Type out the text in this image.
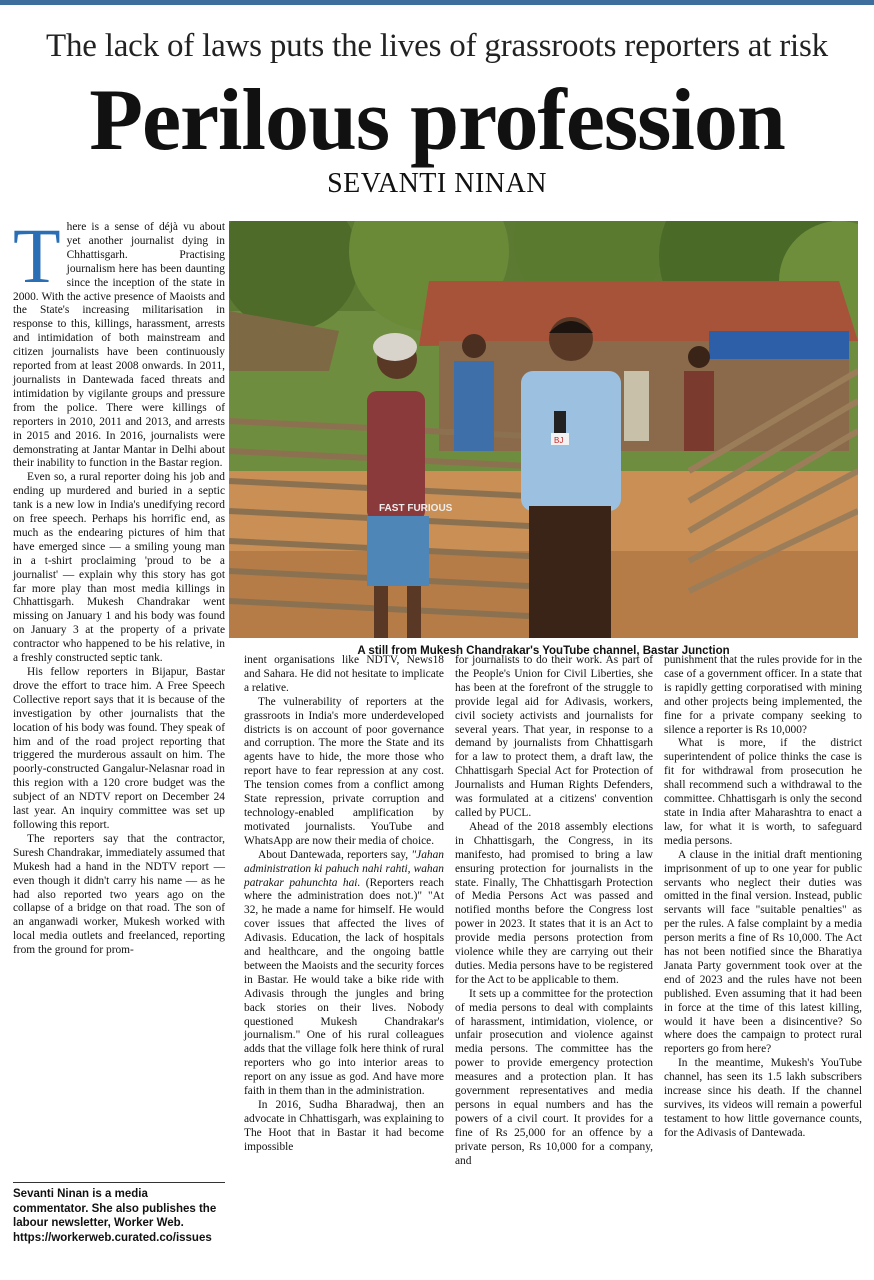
The lack of laws puts the lives of grassroots reporters at risk
Perilous profession
SEVANTI NINAN

There is a sense of déjà vu about yet another journalist dying in Chhattisgarh. Practising journalism here has been daunting since the inception of the state in 2000. With the active presence of Maoists and the State's increasing militarisation in response to this, killings, harassment, arrests and intimidation of both mainstream and citizen journalists have been continuously reported from at least 2008 onwards. In 2011, journalists in Dantewada faced threats and intimidation by vigilante groups and pressure from the police. There were killings of reporters in 2010, 2011 and 2013, and arrests in 2015 and 2016. In 2016, journalists were demonstrating at Jantar Mantar in Delhi about their inability to function in the Bastar region.

Even so, a rural reporter doing his job and ending up murdered and buried in a septic tank is a new low in India's unedifying record on free speech. Perhaps his horrific end, as much as the endearing pictures of him that have emerged since — a smiling young man in a t-shirt proclaiming 'proud to be a journalist' — explain why this story has got far more play than most media killings in Chhattisgarh. Mukesh Chandrakar went missing on January 1 and his body was found on January 3 at the property of a private contractor who happened to be his relative, in a freshly constructed septic tank.

His fellow reporters in Bijapur, Bastar drove the effort to trace him. A Free Speech Collective report says that it is because of the investigation by other journalists that the location of his body was found. They speak of him and of the road project reporting that triggered the murderous assault on him. The poorly-constructed Gangalur-Nelasnar road in this region with a 120 crore budget was the subject of an NDTV report on December 24 last year. An inquiry committee was set up following this report.

The reporters say that the contractor, Suresh Chandrakar, immediately assumed that Mukesh had a hand in the NDTV report — even though it didn't carry his name — as he had also reported two years ago on the collapse of a bridge on that road. The son of an anganwadi worker, Mukesh worked with local media outlets and freelanced, reporting from the ground for prom-

FAST FURIOUS
BJ
A still from Mukesh Chandrakar's YouTube channel, Bastar Junction

inent organisations like NDTV, News18 and Sahara. He did not hesitate to implicate a relative.

The vulnerability of reporters at the grassroots in India's more underdeveloped districts is on account of poor governance and corruption. The more the State and its agents have to hide, the more those who report have to fear repression at any cost. The tension comes from a conflict among State repression, private corruption and technology-enabled amplification by motivated journalists. YouTube and WhatsApp are now their media of choice.

About Dantewada, reporters say, "Jahan administration ki pahuch nahi rahti, wahan patrakar pahunchta hai. (Reporters reach where the administration does not.)" "At 32, he made a name for himself. He would cover issues that affected the lives of Adivasis. Education, the lack of hospitals and healthcare, and the ongoing battle between the Maoists and the security forces in Bastar. He would take a bike ride with Adivasis through the jungles and bring back stories on their lives. Nobody questioned Mukesh Chandrakar's journalism." One of his rural colleagues adds that the village folk here think of rural reporters who go into interior areas to report on any issue as god. And have more faith in them than in the administration.

In 2016, Sudha Bharadwaj, then an advocate in Chhattisgarh, was explaining to The Hoot that in Bastar it had become impossible

for journalists to do their work. As part of the People's Union for Civil Liberties, she has been at the forefront of the struggle to provide legal aid for Adivasis, workers, civil society activists and journalists for several years. That year, in response to a demand by journalists from Chhattisgarh for a law to protect them, a draft law, the Chhattisgarh Special Act for Protection of Journalists and Human Rights Defenders, was formulated at a citizens' convention called by PUCL.

Ahead of the 2018 assembly elections in Chhattisgarh, the Congress, in its manifesto, had promised to bring a law ensuring protection for journalists in the state. Finally, The Chhattisgarh Protection of Media Persons Act was passed and notified months before the Congress lost power in 2023. It states that it is an Act to provide media persons protection from violence while they are carrying out their duties. Media persons have to be registered for the Act to be applicable to them.

It sets up a committee for the protection of media persons to deal with complaints of harassment, intimidation, violence, or unfair prosecution and violence against media persons. The committee has the power to provide emergency protection measures and a protection plan. It has government representatives and media persons in equal numbers and has the powers of a civil court. It provides for a fine of Rs 25,000 for an offence by a private person, Rs 10,000 for a company, and

punishment that the rules provide for in the case of a government officer. In a state that is rapidly getting corporatised with mining and other projects being implemented, the fine for a private company seeking to silence a reporter is Rs 10,000?

What is more, if the district superintendent of police thinks the case is fit for withdrawal from prosecution he shall recommend such a withdrawal to the committee. Chhattisgarh is only the second state in India after Maharashtra to enact a law, for what it is worth, to safeguard media persons.

A clause in the initial draft mentioning imprisonment of up to one year for public servants who neglect their duties was omitted in the final version. Instead, public servants will face "suitable penalties" as per the rules. A false complaint by a media person merits a fine of Rs 10,000. The Act has not been notified since the Bharatiya Janata Party government took over at the end of 2023 and the rules have not been published. Even assuming that it had been in force at the time of this latest killing, would it have been a disincentive? So where does the campaign to protect rural reporters go from here?

In the meantime, Mukesh's YouTube channel, has seen its 1.5 lakh subscribers increase since his death. If the channel survives, its videos will remain a powerful testament to how little governance counts, for the Adivasis of Dantewada.

Sevanti Ninan is a media commentator. She also publishes the labour newsletter, Worker Web. https://workerweb.curated.co/issues
